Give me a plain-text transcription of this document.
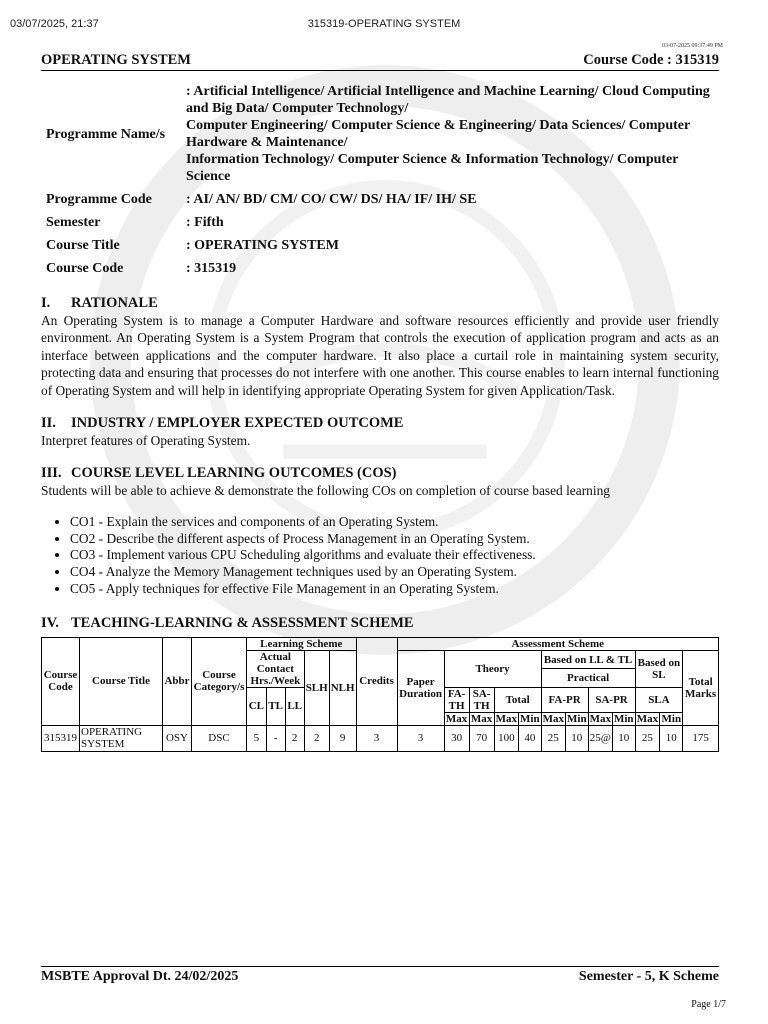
03/07/2025, 21:37	315319-OPERATING SYSTEM
03-07-2025 09:37:49 PM
OPERATING SYSTEM	Course Code : 315319
Programme Name/s	: Artificial Intelligence/ Artificial Intelligence and Machine Learning/ Cloud Computing and Big Data/ Computer Technology/
Computer Engineering/ Computer Science & Engineering/ Data Sciences/ Computer Hardware & Maintenance/
Information Technology/ Computer Science & Information Technology/ Computer Science

Programme Code	: AI/ AN/ BD/ CM/ CO/ CW/ DS/ HA/ IF/ IH/ SE
Semester	: Fifth
Course Title	: OPERATING SYSTEM
Course Code	: 315319
I. RATIONALE
An Operating System is to manage a Computer Hardware and software resources efficiently and provide user friendly environment. An Operating System is a System Program that controls the execution of application program and acts as an interface between applications and the computer hardware. It also place a curtail role in maintaining system security, protecting data and ensuring that processes do not interfere with one another. This course enables to learn internal functioning of Operating System and will help in identifying appropriate Operating System for given Application/Task.
II. INDUSTRY / EMPLOYER EXPECTED OUTCOME
Interpret features of Operating System.
III. COURSE LEVEL LEARNING OUTCOMES (COS)
Students will be able to achieve & demonstrate the following COs on completion of course based learning
• CO1 - Explain the services and components of an Operating System.
• CO2 - Describe the different aspects of Process Management in an Operating System.
• CO3 - Implement various CPU Scheduling algorithms and evaluate their effectiveness.
• CO4 - Analyze the Memory Management techniques used by an Operating System.
• CO5 - Apply techniques for effective File Management in an Operating System.
IV. TEACHING-LEARNING & ASSESSMENT SCHEME
Course Code	Course Title	Abbr	Course Category/s	Learning Scheme					Credits	Assessment Scheme											
				Actual Contact Hrs./Week			SLH	NLH		Paper Duration	Theory				Based on LL & TL				Based on SL		Total Marks
															Practical						
				CL	TL	LL					FA-TH	SA-TH	Total		FA-PR		SA-PR		SLA		
											Max	Max	Max	Min	Max	Min	Max	Min	Max	Min	
315319	OPERATING SYSTEM	OSY	DSC	5	-	2	2	9	3	3	30	70	100	40	25	10	25@	10	25	10	175
MSBTE Approval Dt. 24/02/2025	Semester - 5, K Scheme
Page 1/7
